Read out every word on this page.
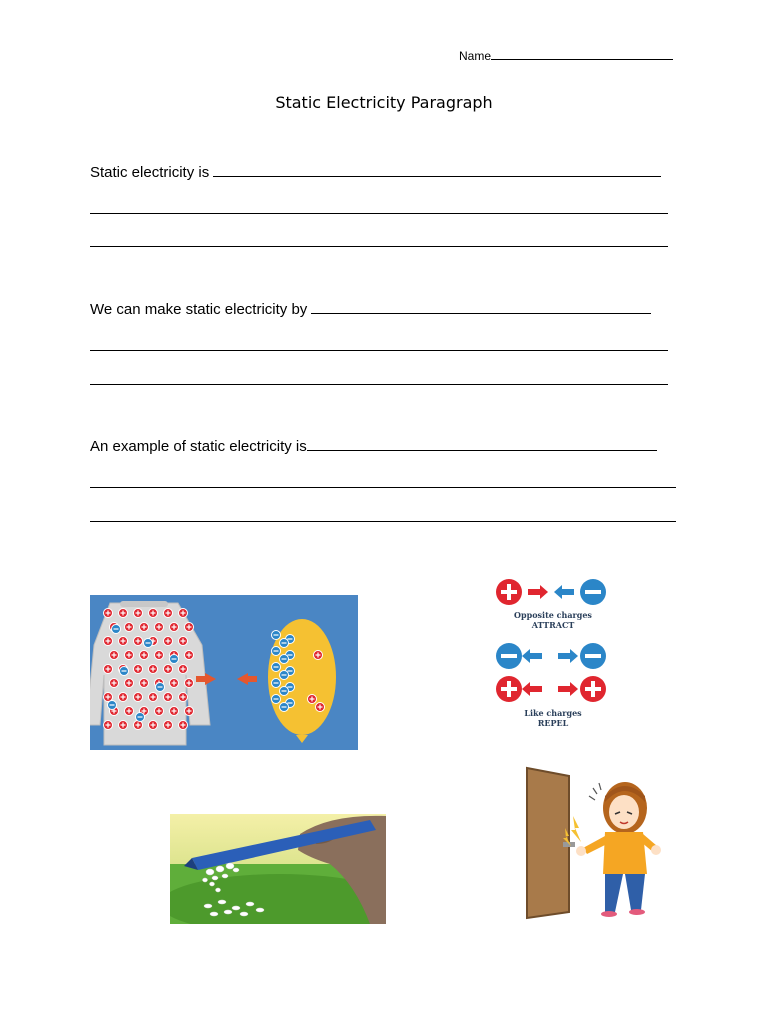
Name
Static Electricity Paragraph
Static electricity is
We can make static electricity by
An example of static electricity is
Opposite charges
ATTRACT
Like charges
REPEL
